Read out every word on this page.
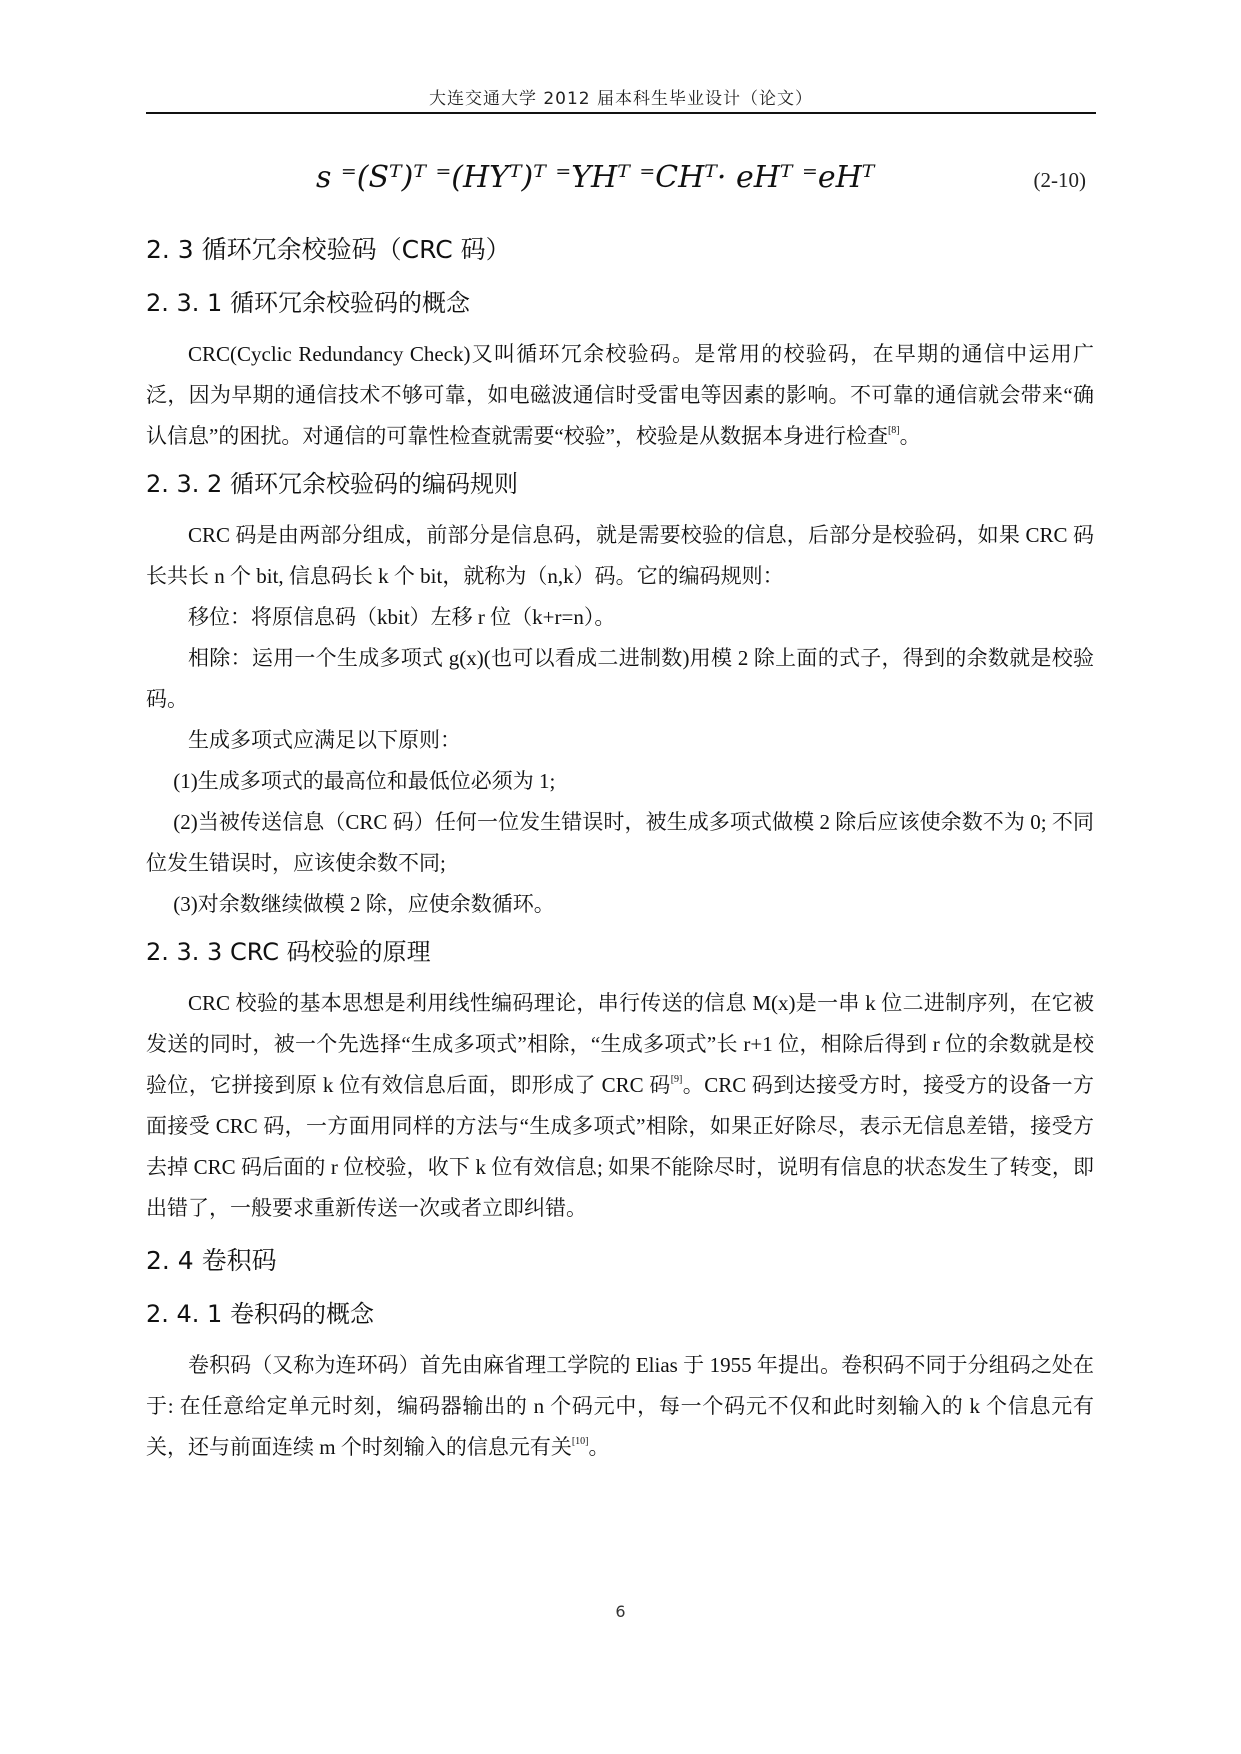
大连交通大学 2012 届本科生毕业设计（论文）
s ⁼(Sᵀ)ᵀ ⁼(HYᵀ)ᵀ ⁼YHᵀ ⁼CHᵀ· eHᵀ ⁼eHᵀ	(2-10)
2. 3 循环冗余校验码（CRC 码）
2. 3. 1 循环冗余校验码的概念

CRC(Cyclic Redundancy Check)又叫循环冗余校验码。是常用的校验码，在早期的通信中运用广泛，因为早期的通信技术不够可靠，如电磁波通信时受雷电等因素的影响。不可靠的通信就会带来“确认信息”的困扰。对通信的可靠性检查就需要“校验”，校验是从数据本身进行检查[8]。

2. 3. 2 循环冗余校验码的编码规则

CRC 码是由两部分组成，前部分是信息码，就是需要校验的信息，后部分是校验码，如果 CRC 码长共长 n 个 bit, 信息码长 k 个 bit，就称为（n,k）码。它的编码规则：

移位：将原信息码（kbit）左移 r 位（k+r=n）。

相除：运用一个生成多项式 g(x)(也可以看成二进制数)用模 2 除上面的式子，得到的余数就是校验码。

生成多项式应满足以下原则：

(1)生成多项式的最高位和最低位必须为 1;

(2)当被传送信息（CRC 码）任何一位发生错误时，被生成多项式做模 2 除后应该使余数不为 0; 不同位发生错误时，应该使余数不同;

(3)对余数继续做模 2 除，应使余数循环。

2. 3. 3 CRC 码校验的原理

CRC 校验的基本思想是利用线性编码理论，串行传送的信息 M(x)是一串 k 位二进制序列，在它被发送的同时，被一个先选择“生成多项式”相除，“生成多项式”长 r+1 位，相除后得到 r 位的余数就是校验位，它拼接到原 k 位有效信息后面，即形成了 CRC 码[9]。CRC 码到达接受方时，接受方的设备一方面接受 CRC 码，一方面用同样的方法与“生成多项式”相除，如果正好除尽，表示无信息差错，接受方去掉 CRC 码后面的 r 位校验，收下 k 位有效信息; 如果不能除尽时，说明有信息的状态发生了转变，即出错了，一般要求重新传送一次或者立即纠错。

2. 4 卷积码
2. 4. 1 卷积码的概念

卷积码（又称为连环码）首先由麻省理工学院的 Elias 于 1955 年提出。卷积码不同于分组码之处在于: 在任意给定单元时刻，编码器输出的 n 个码元中，每一个码元不仅和此时刻输入的 k 个信息元有关，还与前面连续 m 个时刻输入的信息元有关[10]。

6
